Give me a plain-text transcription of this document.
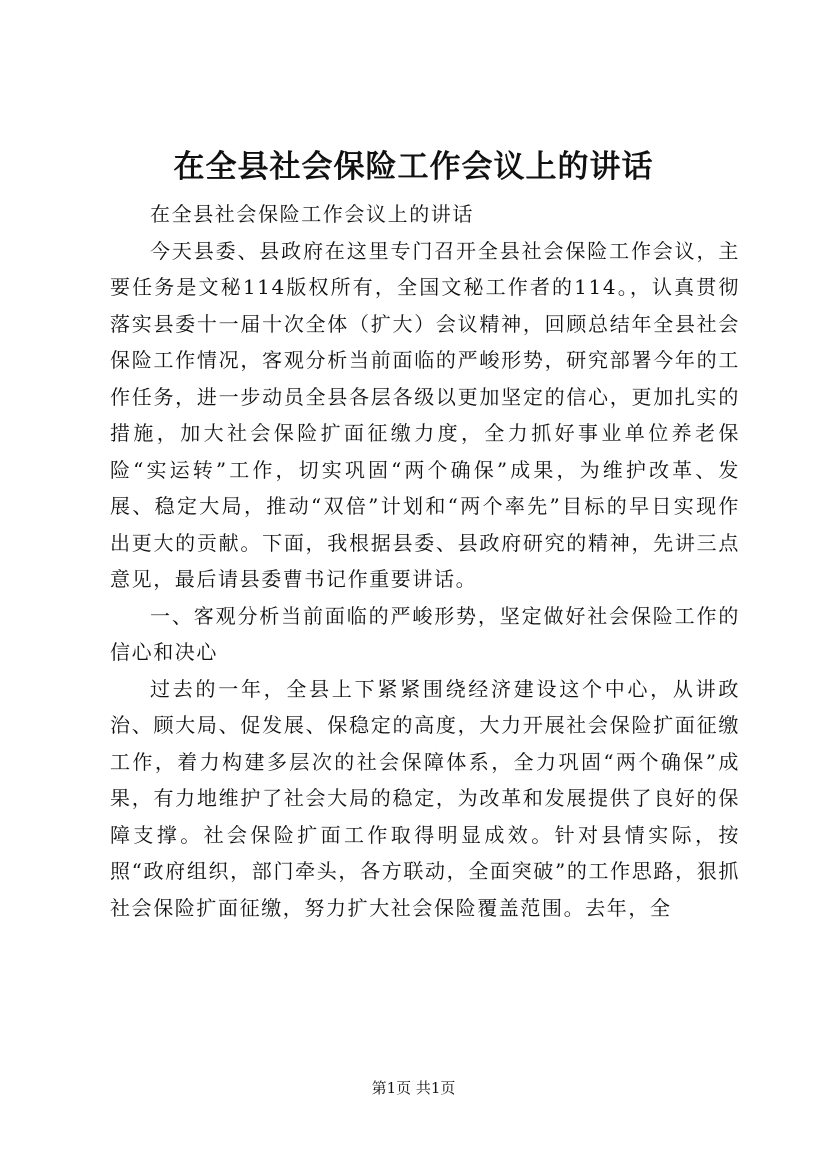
在全县社会保险工作会议上的讲话

在全县社会保险工作会议上的讲话

今天县委、县政府在这里专门召开全县社会保险工作会议，主要任务是文秘114版权所有，全国文秘工作者的114。，认真贯彻落实县委十一届十次全体（扩大）会议精神，回顾总结年全县社会保险工作情况，客观分析当前面临的严峻形势，研究部署今年的工作任务，进一步动员全县各层各级以更加坚定的信心，更加扎实的措施，加大社会保险扩面征缴力度，全力抓好事业单位养老保险“实运转”工作，切实巩固“两个确保”成果，为维护改革、发展、稳定大局，推动“双倍”计划和“两个率先”目标的早日实现作出更大的贡献。下面，我根据县委、县政府研究的精神，先讲三点意见，最后请县委曹书记作重要讲话。

一、客观分析当前面临的严峻形势，坚定做好社会保险工作的信心和决心

过去的一年，全县上下紧紧围绕经济建设这个中心，从讲政治、顾大局、促发展、保稳定的高度，大力开展社会保险扩面征缴工作，着力构建多层次的社会保障体系，全力巩固“两个确保”成果，有力地维护了社会大局的稳定，为改革和发展提供了良好的保障支撑。社会保险扩面工作取得明显成效。针对县情实际，按照“政府组织，部门牵头，各方联动，全面突破”的工作思路，狠抓社会保险扩面征缴，努力扩大社会保险覆盖范围。去年，全

第1页 共1页
